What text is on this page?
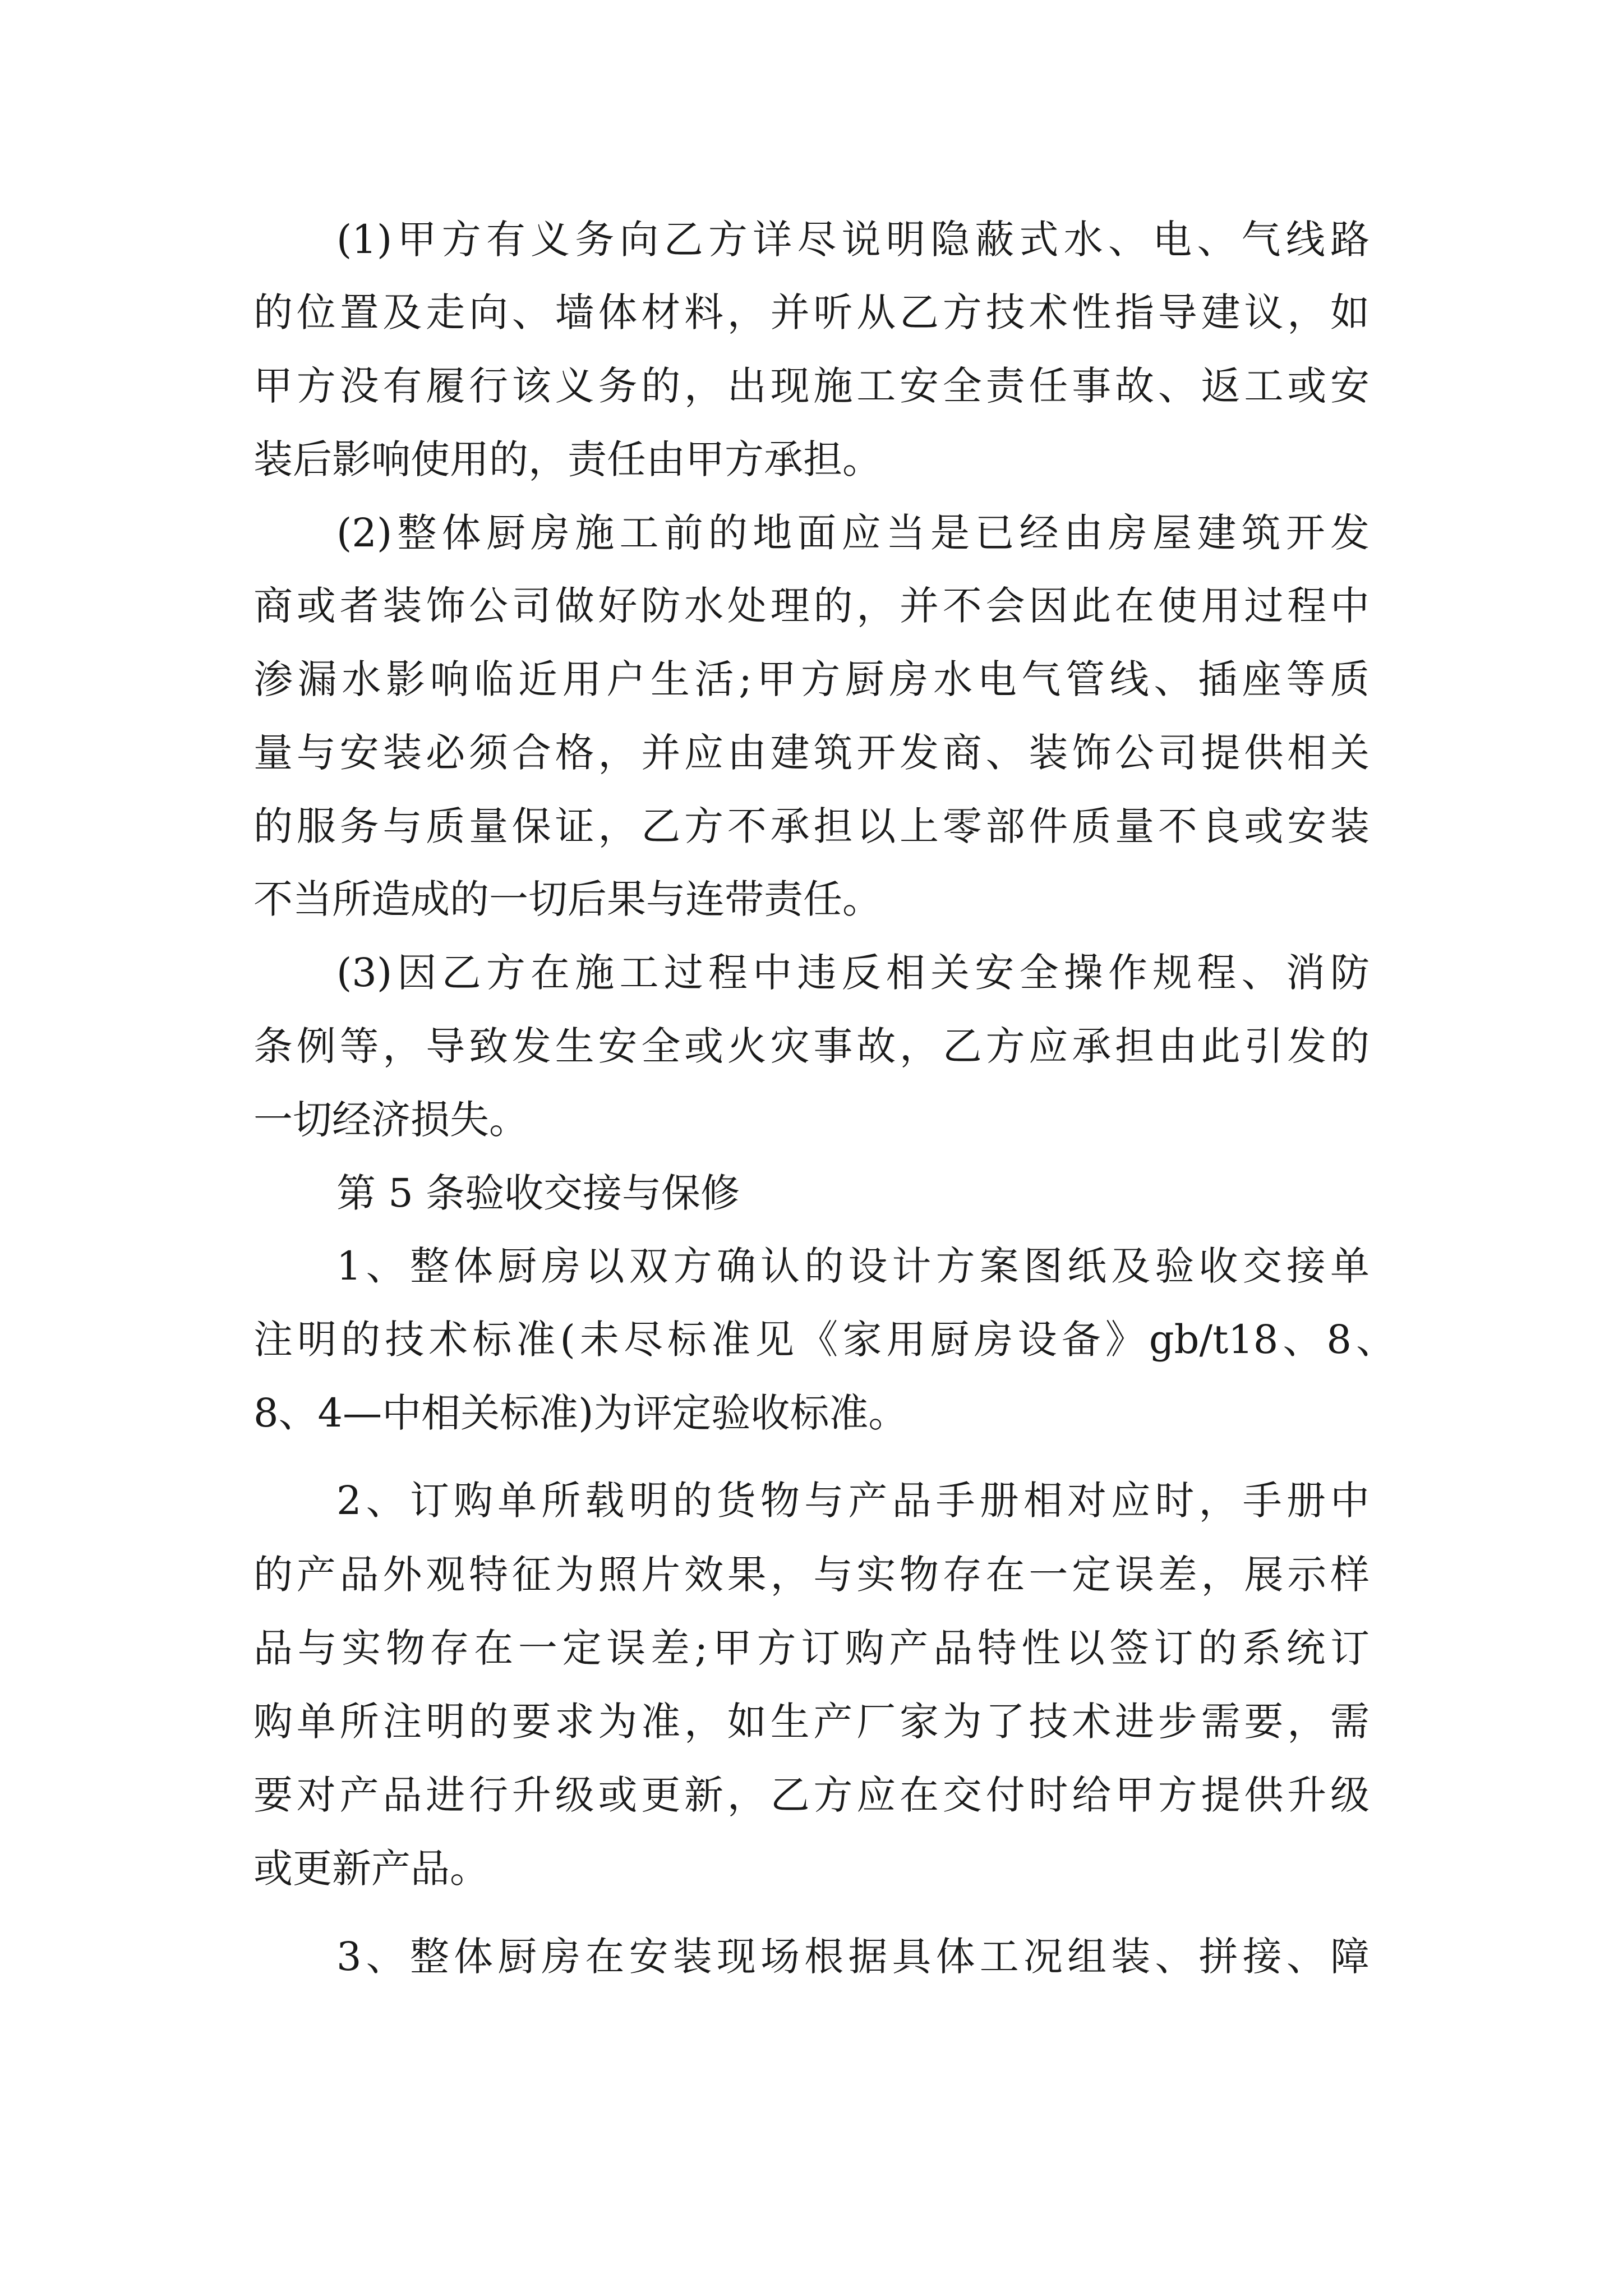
(1)甲方有义务向乙方详尽说明隐蔽式水、电、气线路

的位置及走向、墙体材料，并听从乙方技术性指导建议，如

甲方没有履行该义务的，出现施工安全责任事故、返工或安

装后影响使用的，责任由甲方承担。

(2)整体厨房施工前的地面应当是已经由房屋建筑开发

商或者装饰公司做好防水处理的，并不会因此在使用过程中

渗漏水影响临近用户生活;甲方厨房水电气管线、插座等质

量与安装必须合格，并应由建筑开发商、装饰公司提供相关

的服务与质量保证，乙方不承担以上零部件质量不良或安装

不当所造成的一切后果与连带责任。

(3)因乙方在施工过程中违反相关安全操作规程、消防

条例等，导致发生安全或火灾事故，乙方应承担由此引发的

一切经济损失。

第 5 条验收交接与保修

1、整体厨房以双方确认的设计方案图纸及验收交接单

注明的技术标准(未尽标准见《家用厨房设备》gb/t18、8、

8、4—中相关标准)为评定验收标准。

2、订购单所载明的货物与产品手册相对应时，手册中

的产品外观特征为照片效果，与实物存在一定误差，展示样

品与实物存在一定误差;甲方订购产品特性以签订的系统订

购单所注明的要求为准，如生产厂家为了技术进步需要，需

要对产品进行升级或更新，乙方应在交付时给甲方提供升级

或更新产品。

3、整体厨房在安装现场根据具体工况组装、拼接、障
